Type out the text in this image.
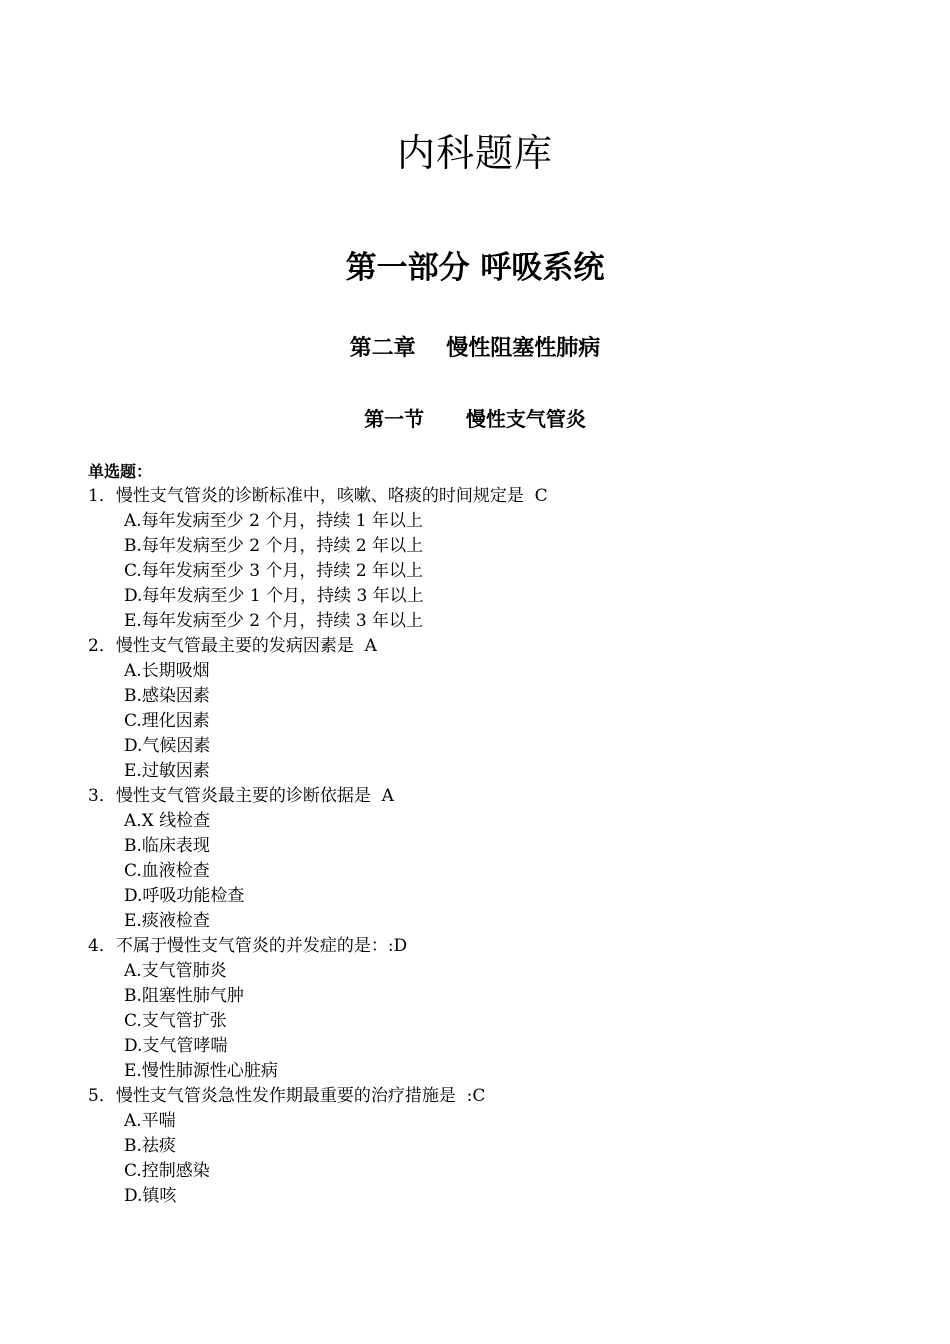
内科题库
第一部分 呼吸系统
第二章    慢性阻塞性肺病
第一节      慢性支气管炎
单选题：
1．慢性支气管炎的诊断标准中，咳嗽、咯痰的时间规定是  C
A.每年发病至少 2 个月，持续 1 年以上
B.每年发病至少 2 个月，持续 2 年以上
C.每年发病至少 3 个月，持续 2 年以上
D.每年发病至少 1 个月，持续 3 年以上
E.每年发病至少 2 个月，持续 3 年以上
2．慢性支气管最主要的发病因素是  A
A.长期吸烟
B.感染因素
C.理化因素
D.气候因素
E.过敏因素
3．慢性支气管炎最主要的诊断依据是  A
A.X 线检查
B.临床表现
C.血液检查
D.呼吸功能检查
E.痰液检查
4．不属于慢性支气管炎的并发症的是：:D
A.支气管肺炎
B.阻塞性肺气肿
C.支气管扩张
D.支气管哮喘
E.慢性肺源性心脏病
5．慢性支气管炎急性发作期最重要的治疗措施是  :C
A.平喘
B.祛痰
C.控制感染
D.镇咳
